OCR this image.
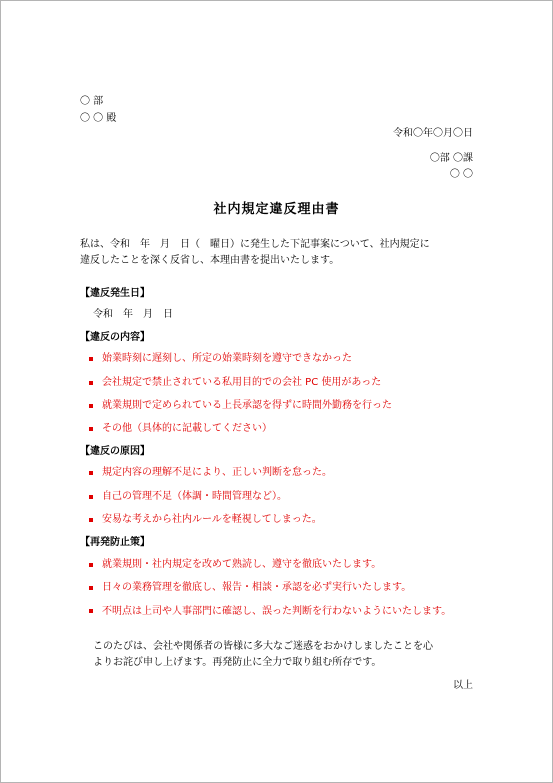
〇 部
〇 〇 殿
令和〇年〇月〇日
〇部 〇課
〇 〇
社内規定違反理由書
私は、令和　年　月　日（　曜日）に発生した下記事案について、社内規定に
違反したことを深く反省し、本理由書を提出いたします。
【違反発生日】
令和　年　月　日
【違反の内容】
始業時刻に遅刻し、所定の始業時刻を遵守できなかった
会社規定で禁止されている私用目的での会社 PC 使用があった
就業規則で定められている上長承認を得ずに時間外勤務を行った
その他（具体的に記載してください）
【違反の原因】
規定内容の理解不足により、正しい判断を怠った。
自己の管理不足（体調・時間管理など）。
安易な考えから社内ルールを軽視してしまった。
【再発防止策】
就業規則・社内規定を改めて熟読し、遵守を徹底いたします。
日々の業務管理を徹底し、報告・相談・承認を必ず実行いたします。
不明点は上司や人事部門に確認し、誤った判断を行わないようにいたします。
このたびは、会社や関係者の皆様に多大なご迷惑をおかけしましたことを心
よりお詫び申し上げます。再発防止に全力で取り組む所存です。
以上
